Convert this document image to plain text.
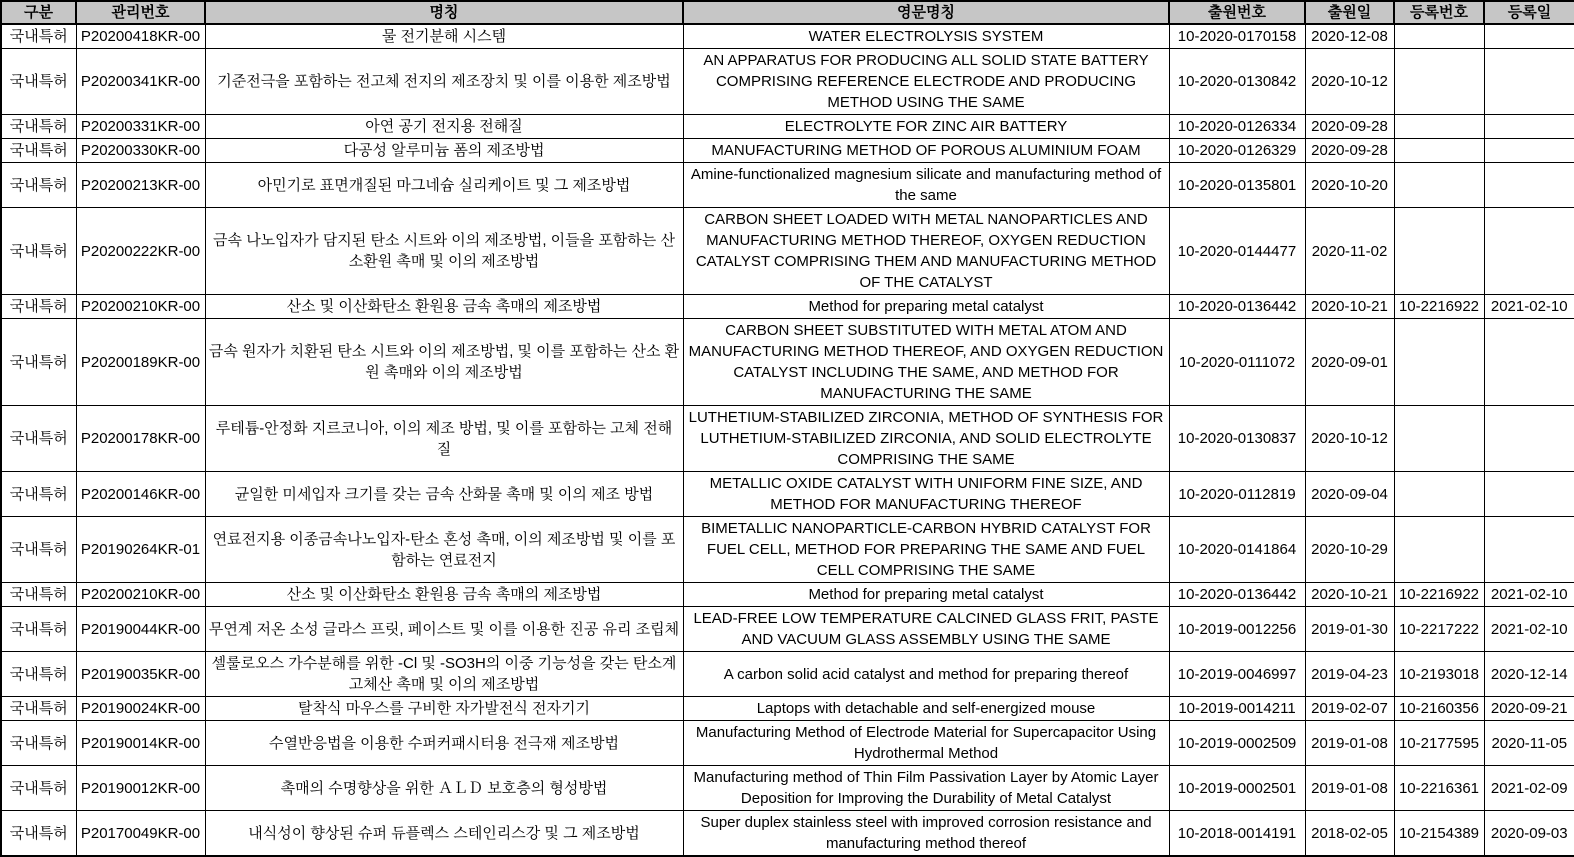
구분	관리번호	명칭	영문명칭	출원번호	출원일	등록번호	등록일
국내특허	P20200418KR-00	물 전기분해 시스템	WATER ELECTROLYSIS SYSTEM	10-2020-0170158	2020-12-08		
국내특허	P20200341KR-00	기준전극을 포함하는 전고체 전지의 제조장치 및 이를 이용한 제조방법	AN APPARATUS FOR PRODUCING ALL SOLID STATE BATTERY COMPRISING REFERENCE ELECTRODE AND PRODUCING METHOD USING THE SAME	10-2020-0130842	2020-10-12		
국내특허	P20200331KR-00	아연 공기 전지용 전해질	ELECTROLYTE FOR ZINC AIR BATTERY	10-2020-0126334	2020-09-28		
국내특허	P20200330KR-00	다공성 알루미늄 폼의 제조방법	MANUFACTURING METHOD OF POROUS ALUMINIUM FOAM	10-2020-0126329	2020-09-28		
국내특허	P20200213KR-00	아민기로 표면개질된 마그네슘 실리케이트 및 그 제조방법	Amine-functionalized magnesium silicate and manufacturing method of the same	10-2020-0135801	2020-10-20		
국내특허	P20200222KR-00	금속 나노입자가 담지된 탄소 시트와 이의 제조방법, 이들을 포함하는 산소환원 촉매 및 이의 제조방법	CARBON SHEET LOADED WITH METAL NANOPARTICLES AND MANUFACTURING METHOD THEREOF, OXYGEN REDUCTION CATALYST COMPRISING THEM AND MANUFACTURING METHOD OF THE CATALYST	10-2020-0144477	2020-11-02		
국내특허	P20200210KR-00	산소 및 이산화탄소 환원용 금속 촉매의 제조방법	Method for preparing metal catalyst	10-2020-0136442	2020-10-21	10-2216922	2021-02-10
국내특허	P20200189KR-00	금속 원자가 치환된 탄소 시트와 이의 제조방법, 및 이를 포함하는 산소 환원 촉매와 이의 제조방법	CARBON SHEET SUBSTITUTED WITH METAL ATOM AND MANUFACTURING METHOD THEREOF, AND OXYGEN REDUCTION CATALYST INCLUDING THE SAME, AND METHOD FOR MANUFACTURING THE SAME	10-2020-0111072	2020-09-01		
국내특허	P20200178KR-00	루테튬-안정화 지르코니아, 이의 제조 방법, 및 이를 포함하는 고체 전해질	LUTHETIUM-STABILIZED ZIRCONIA, METHOD OF SYNTHESIS FOR LUTHETIUM-STABILIZED ZIRCONIA, AND SOLID ELECTROLYTE COMPRISING THE SAME	10-2020-0130837	2020-10-12		
국내특허	P20200146KR-00	균일한 미세입자 크기를 갖는 금속 산화물 촉매 및 이의 제조 방법	METALLIC OXIDE CATALYST WITH UNIFORM FINE SIZE, AND METHOD FOR MANUFACTURING THEREOF	10-2020-0112819	2020-09-04		
국내특허	P20190264KR-01	연료전지용 이종금속나노입자-탄소 혼성 촉매, 이의 제조방법 및 이를 포함하는 연료전지	BIMETALLIC NANOPARTICLE-CARBON HYBRID CATALYST FOR FUEL CELL, METHOD FOR PREPARING THE SAME AND FUEL CELL COMPRISING THE SAME	10-2020-0141864	2020-10-29		
국내특허	P20200210KR-00	산소 및 이산화탄소 환원용 금속 촉매의 제조방법	Method for preparing metal catalyst	10-2020-0136442	2020-10-21	10-2216922	2021-02-10
국내특허	P20190044KR-00	무연계 저온 소성 글라스 프릿, 페이스트 및 이를 이용한 진공 유리 조립체	LEAD-FREE LOW TEMPERATURE CALCINED GLASS FRIT, PASTE AND VACUUM GLASS ASSEMBLY USING THE SAME	10-2019-0012256	2019-01-30	10-2217222	2021-02-10
국내특허	P20190035KR-00	셀룰로오스 가수분해를 위한 -Cl 및 -SO3H의 이중 기능성을 갖는 탄소계 고체산 촉매 및 이의 제조방법	A carbon solid acid catalyst and method for preparing thereof	10-2019-0046997	2019-04-23	10-2193018	2020-12-14
국내특허	P20190024KR-00	탈착식 마우스를 구비한 자가발전식 전자기기	Laptops with detachable and self-energized mouse	10-2019-0014211	2019-02-07	10-2160356	2020-09-21
국내특허	P20190014KR-00	수열반응법을 이용한 수퍼커패시터용 전극재 제조방법	Manufacturing Method of Electrode Material for Supercapacitor Using Hydrothermal Method	10-2019-0002509	2019-01-08	10-2177595	2020-11-05
국내특허	P20190012KR-00	촉매의 수명향상을 위한 ＡＬＤ 보호층의 형성방법	Manufacturing method of Thin Film Passivation Layer by Atomic Layer Deposition for Improving the Durability of Metal Catalyst	10-2019-0002501	2019-01-08	10-2216361	2021-02-09
국내특허	P20170049KR-00	내식성이 향상된 슈퍼 듀플렉스 스테인리스강 및 그 제조방법	Super duplex stainless steel with improved corrosion resistance and manufacturing method thereof	10-2018-0014191	2018-02-05	10-2154389	2020-09-03
